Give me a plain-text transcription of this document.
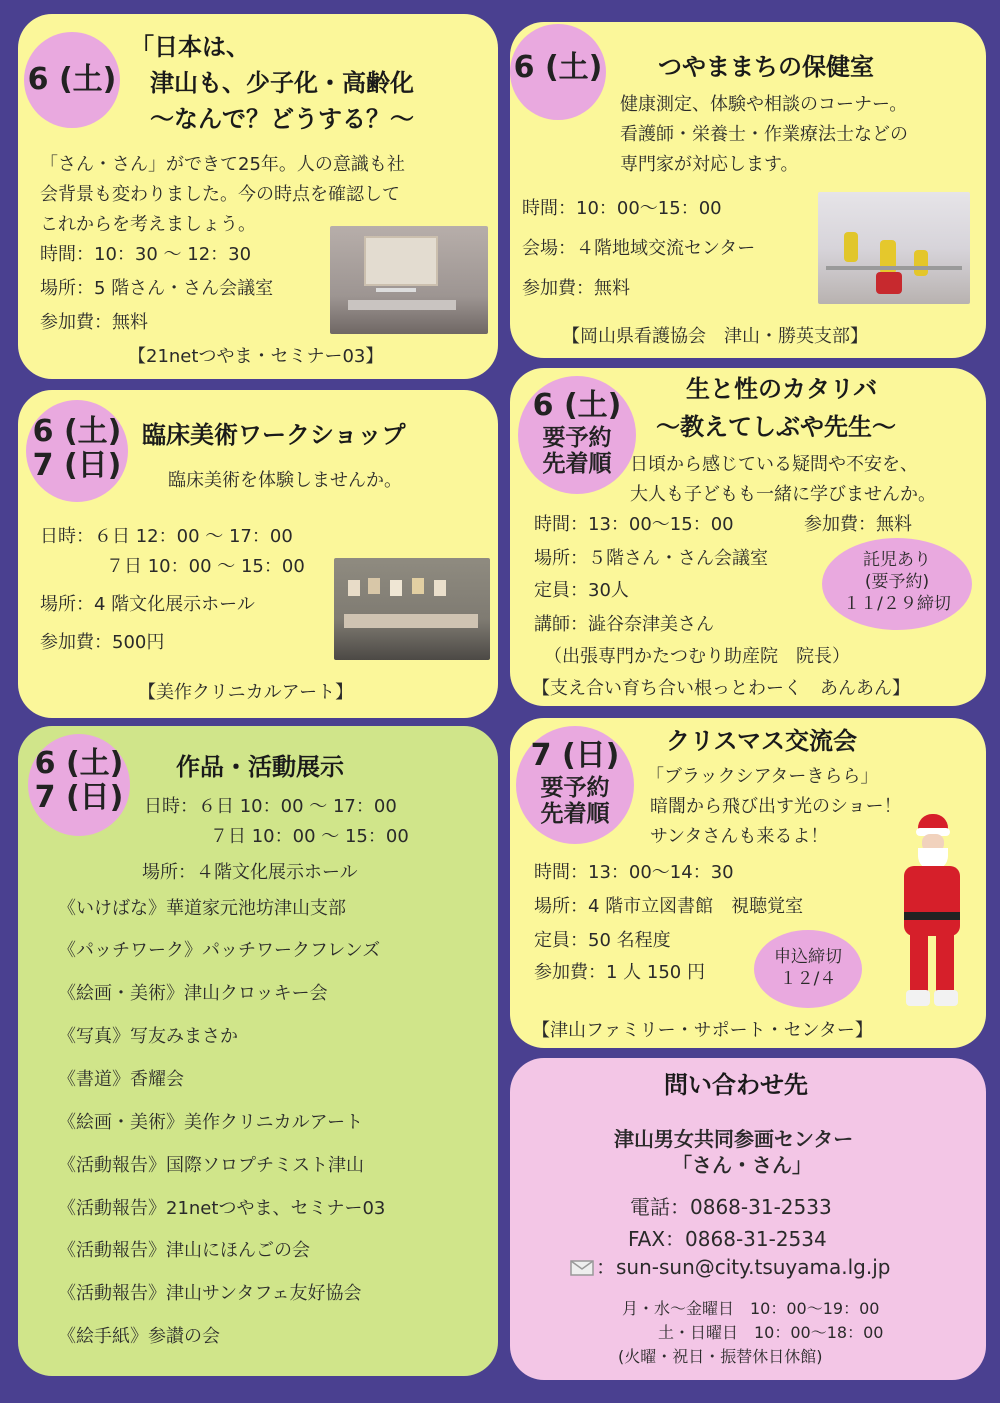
6 (土)
「日本は、
津山も、少子化・高齢化
～なんで？どうする？～
「さん・さん」ができて25年。人の意識も社
会背景も変わりました。今の時点を確認して
これからを考えましょう。
時間：10：30 ～ 12：30
場所：5 階さん・さん会議室
参加費：無料
【21netつやま・セミナー03】
6 (土) つやままちの保健室
健康測定、体験や相談のコーナー。
看護師・栄養士・作業療法士などの
専門家が対応します。
時間：10：00～15：00
会場：４階地域交流センター
参加費：無料
【岡山県看護協会　津山・勝英支部】
6 (土)
7 (日)
臨床美術ワークショップ
臨床美術を体験しませんか。
日時：６日 12：00 ～ 17：00
７日 10：00 ～ 15：00
場所：4 階文化展示ホール
参加費：500円
【美作クリニカルアート】
6 (土)
要予約
先着順
生と性のカタリバ
～教えてしぶや先生～
日頃から感じている疑問や不安を、
大人も子どもも一緒に学びませんか。
時間：13：00～15：00	参加費：無料
場所：５階さん・さん会議室
定員：30人
講師：澁谷奈津美さん
（出張専門かたつむり助産院　院長）
【支え合い育ち合い根っとわーく　あんあん】
託児あり
(要予約)
１１/２９締切
6 (土)
7 (日)
作品・活動展示
日時：６日 10：00 ～ 17：00
７日 10：00 ～ 15：00
場所：４階文化展示ホール
《いけばな》華道家元池坊津山支部
《パッチワーク》パッチワークフレンズ
《絵画・美術》津山クロッキー会
《写真》写友みまさか
《書道》香耀会
《絵画・美術》美作クリニカルアート
《活動報告》国際ソロプチミスト津山
《活動報告》21netつやま、セミナー03
《活動報告》津山にほんごの会
《活動報告》津山サンタフェ友好協会
《絵手紙》参讃の会
7 (日)
要予約
先着順
クリスマス交流会
「ブラックシアターきらら」
暗闇から飛び出す光のショー！
サンタさんも来るよ！
時間：13：00～14：30
場所：4 階市立図書館　視聴覚室
定員：50 名程度
参加費：1 人 150 円
【津山ファミリー・サポート・センター】
申込締切
１２/４
問い合わせ先
津山男女共同参画センター
「さん・さん」
電話：0868-31-2533
FAX：0868-31-2534
：sun-sun@city.tsuyama.lg.jp
月・水～金曜日　10：00～19：00
土・日曜日　10：00～18：00
(火曜・祝日・振替休日休館)
